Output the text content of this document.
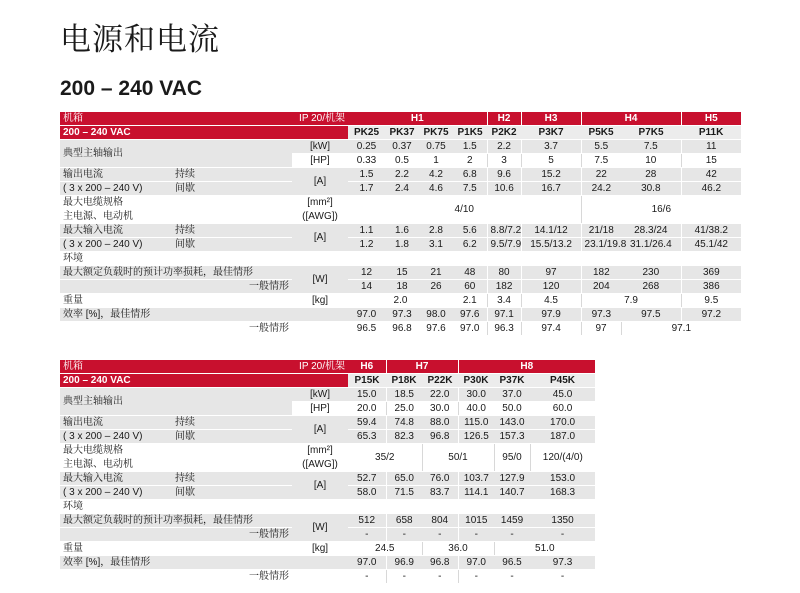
电源和电流
200 – 240 VAC
机箱		IP 20/机架	H1				H2	H3	H4		H5
200 – 240 VAC			PK25	PK37	PK75	P1K5	P2K2	P3K7	P5K5	P7K5	P11K
典型主轴输出		[kW]	0.25	0.37	0.75	1.5	2.2	3.7	5.5	7.5	11
		[HP]	0.33	0.5	1	2	3	5	7.5	10	15
输出电流	持续	[A]	1.5	2.2	4.2	6.8	9.6	15.2	22	28	42
( 3 x 200 – 240 V)	间歇		1.7	2.4	4.6	7.5	10.6	16.7	24.2	30.8	46.2
最大电缆规格		[mm²]	4/10						16/6		
主电源、电动机		([AWG])									
最大输入电流	持续	[A]	1.1	1.6	2.8	5.6	8.8/7.2	14.1/12	21/18	28.3/24	41/38.2
( 3 x 200 – 240 V)	间歇		1.2	1.8	3.1	6.2	9.5/7.9	15.5/13.2	23.1/19.8	31.1/26.4	45.1/42
环境											
最大额定负载时的预计功率损耗，最佳情形		[W]	12	15	21	48	80	97	182	230	369
一般情形			14	18	26	60	182	120	204	268	386
重量		[kg]	2.0			2.1	3.4	4.5	7.9		9.5
效率 [%]，最佳情形			97.0	97.3	98.0	97.6	97.1	97.9	97.3	97.5	97.2
一般情形			96.5	96.8	97.6	97.0	96.3	97.4	97	97.1	
机箱		IP 20/机架	H6	H7		H8		
200 – 240 VAC			P15K	P18K	P22K	P30K	P37K	P45K
典型主轴输出		[kW]	15.0	18.5	22.0	30.0	37.0	45.0
		[HP]	20.0	25.0	30.0	40.0	50.0	60.0
输出电流	持续	[A]	59.4	74.8	88.0	115.0	143.0	170.0
( 3 x 200 – 240 V)	间歇		65.3	82.3	96.8	126.5	157.3	187.0
最大电缆规格		[mm²]	35/2		50/1		95/0	120/(4/0)
主电源、电动机		([AWG])						
最大输入电流	持续	[A]	52.7	65.0	76.0	103.7	127.9	153.0
( 3 x 200 – 240 V)	间歇		58.0	71.5	83.7	114.1	140.7	168.3
环境								
最大额定负载时的预计功率损耗，最佳情形		[W]	512	658	804	1015	1459	1350
一般情形			-	-	-	-	-	-
重量		[kg]	24.5		36.0		51.0	
效率 [%]，最佳情形			97.0	96.9	96.8	97.0	96.5	97.3
一般情形			-	-	-	-	-	-
